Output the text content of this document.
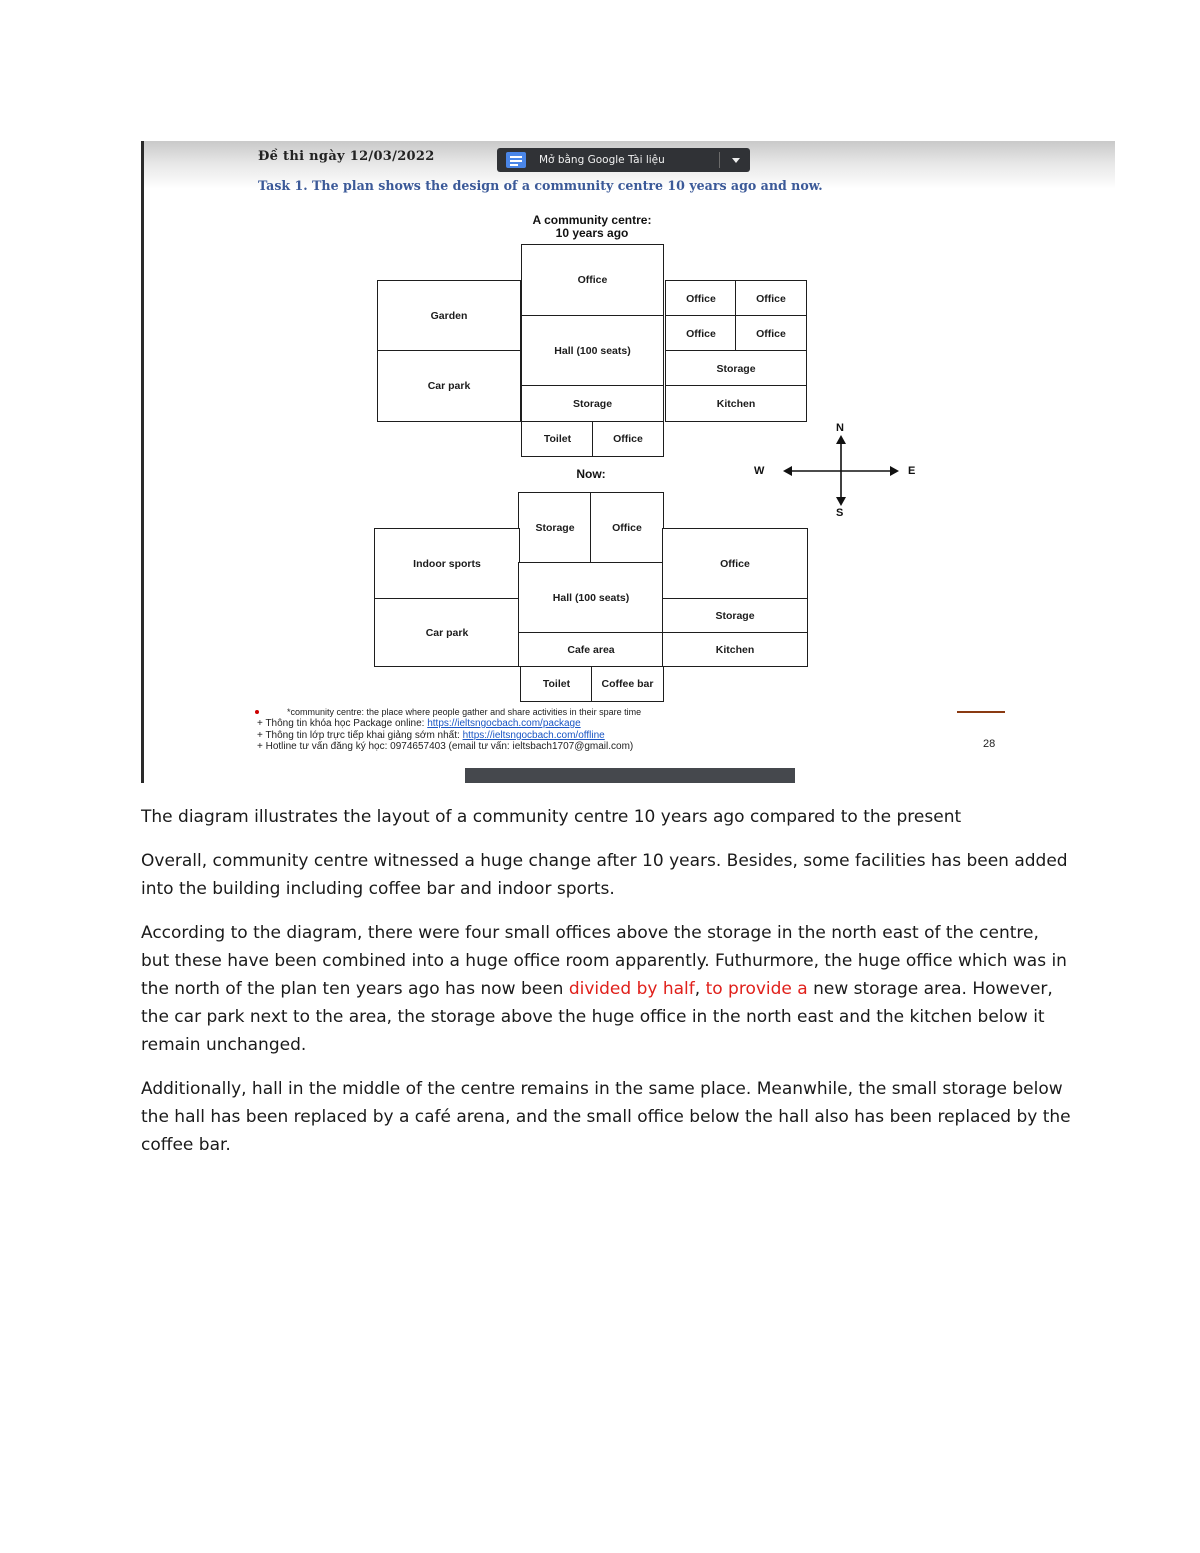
Đề thi ngày 12/03/2022	Mở bằng Google Tài liệu
Task 1. The plan shows the design of a community centre 10 years ago and now.
A community centre:
10 years ago
Office
Garden
Car park
Hall (100 seats)
Storage
Office	Office
Office	Office
Storage
Kitchen
Toilet	Office
N
S
W	E
Now:
Storage	Office
Indoor sports
Car park
Hall (100 seats)
Cafe area
Office
Storage
Kitchen
Toilet	Coffee bar
*community centre: the place where people gather and share activities in their spare time
+ Thông tin khóa học Package online: https://ieltsngocbach.com/package
+ Thông tin lớp trực tiếp khai giảng sớm nhất: https://ieltsngocbach.com/offline
+ Hotline tư vấn đăng ký học: 0974657403 (email tư vấn: ieltsbach1707@gmail.com)	28

The diagram illustrates the layout of a community centre 10 years ago compared to the present

Overall, community centre witnessed a huge change after 10 years. Besides, some facilities has been added into the building including coffee bar and indoor sports.

According to the diagram, there were four small offices above the storage in the north east of the centre, but these have been combined into a huge office room apparently. Futhurmore, the huge office which was in the north of the plan ten years ago has now been divided by half, to provide a new storage area. However, the car park next to the area, the storage above the huge office in the north east and the kitchen below it remain unchanged.

Additionally, hall in the middle of the centre remains in the same place. Meanwhile, the small storage below the hall has been replaced by a café arena, and the small office below the hall also has been replaced by the coffee bar.
